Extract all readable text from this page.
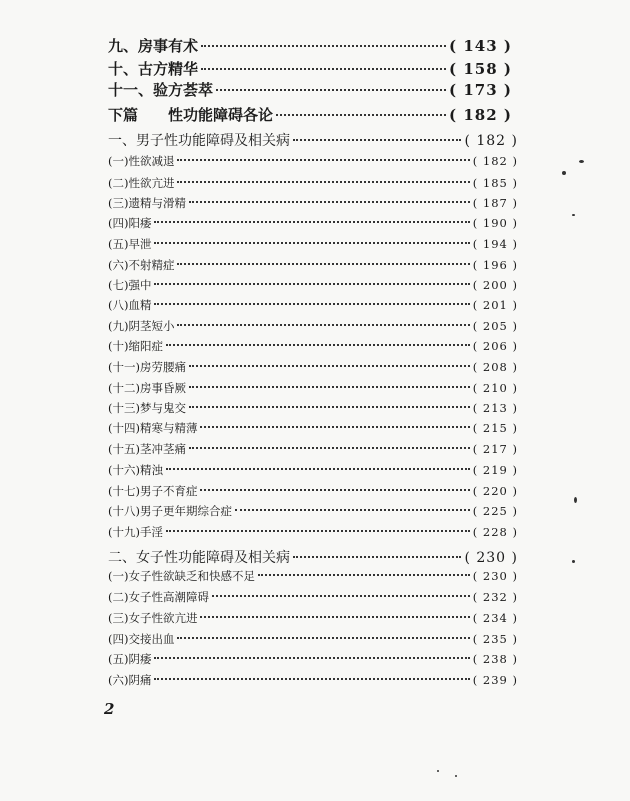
九、房事有术	( 143 )
十、古方精华	( 158 )
十一、验方荟萃	( 173 )
下篇　　性功能障碍各论	( 182 )
一、男子性功能障碍及相关病	( 182 )
(一)性欲减退	( 182 )
(二)性欲亢进	( 185 )
(三)遗精与滑精	( 187 )
(四)阳痿	( 190 )
(五)早泄	( 194 )
(六)不射精症	( 196 )
(七)强中	( 200 )
(八)血精	( 201 )
(九)阴茎短小	( 205 )
(十)缩阳症	( 206 )
(十一)房劳腰痛	( 208 )
(十二)房事昏厥	( 210 )
(十三)梦与鬼交	( 213 )
(十四)精寒与精薄	( 215 )
(十五)茎冲茎痛	( 217 )
(十六)精浊	( 219 )
(十七)男子不育症	( 220 )
(十八)男子更年期综合症	( 225 )
(十九)手淫	( 228 )
二、女子性功能障碍及相关病	( 230 )
(一)女子性欲缺乏和快感不足	( 230 )
(二)女子性高潮障碍	( 232 )
(三)女子性欲亢进	( 234 )
(四)交接出血	( 235 )
(五)阴痿	( 238 )
(六)阴痛	( 239 )
2
